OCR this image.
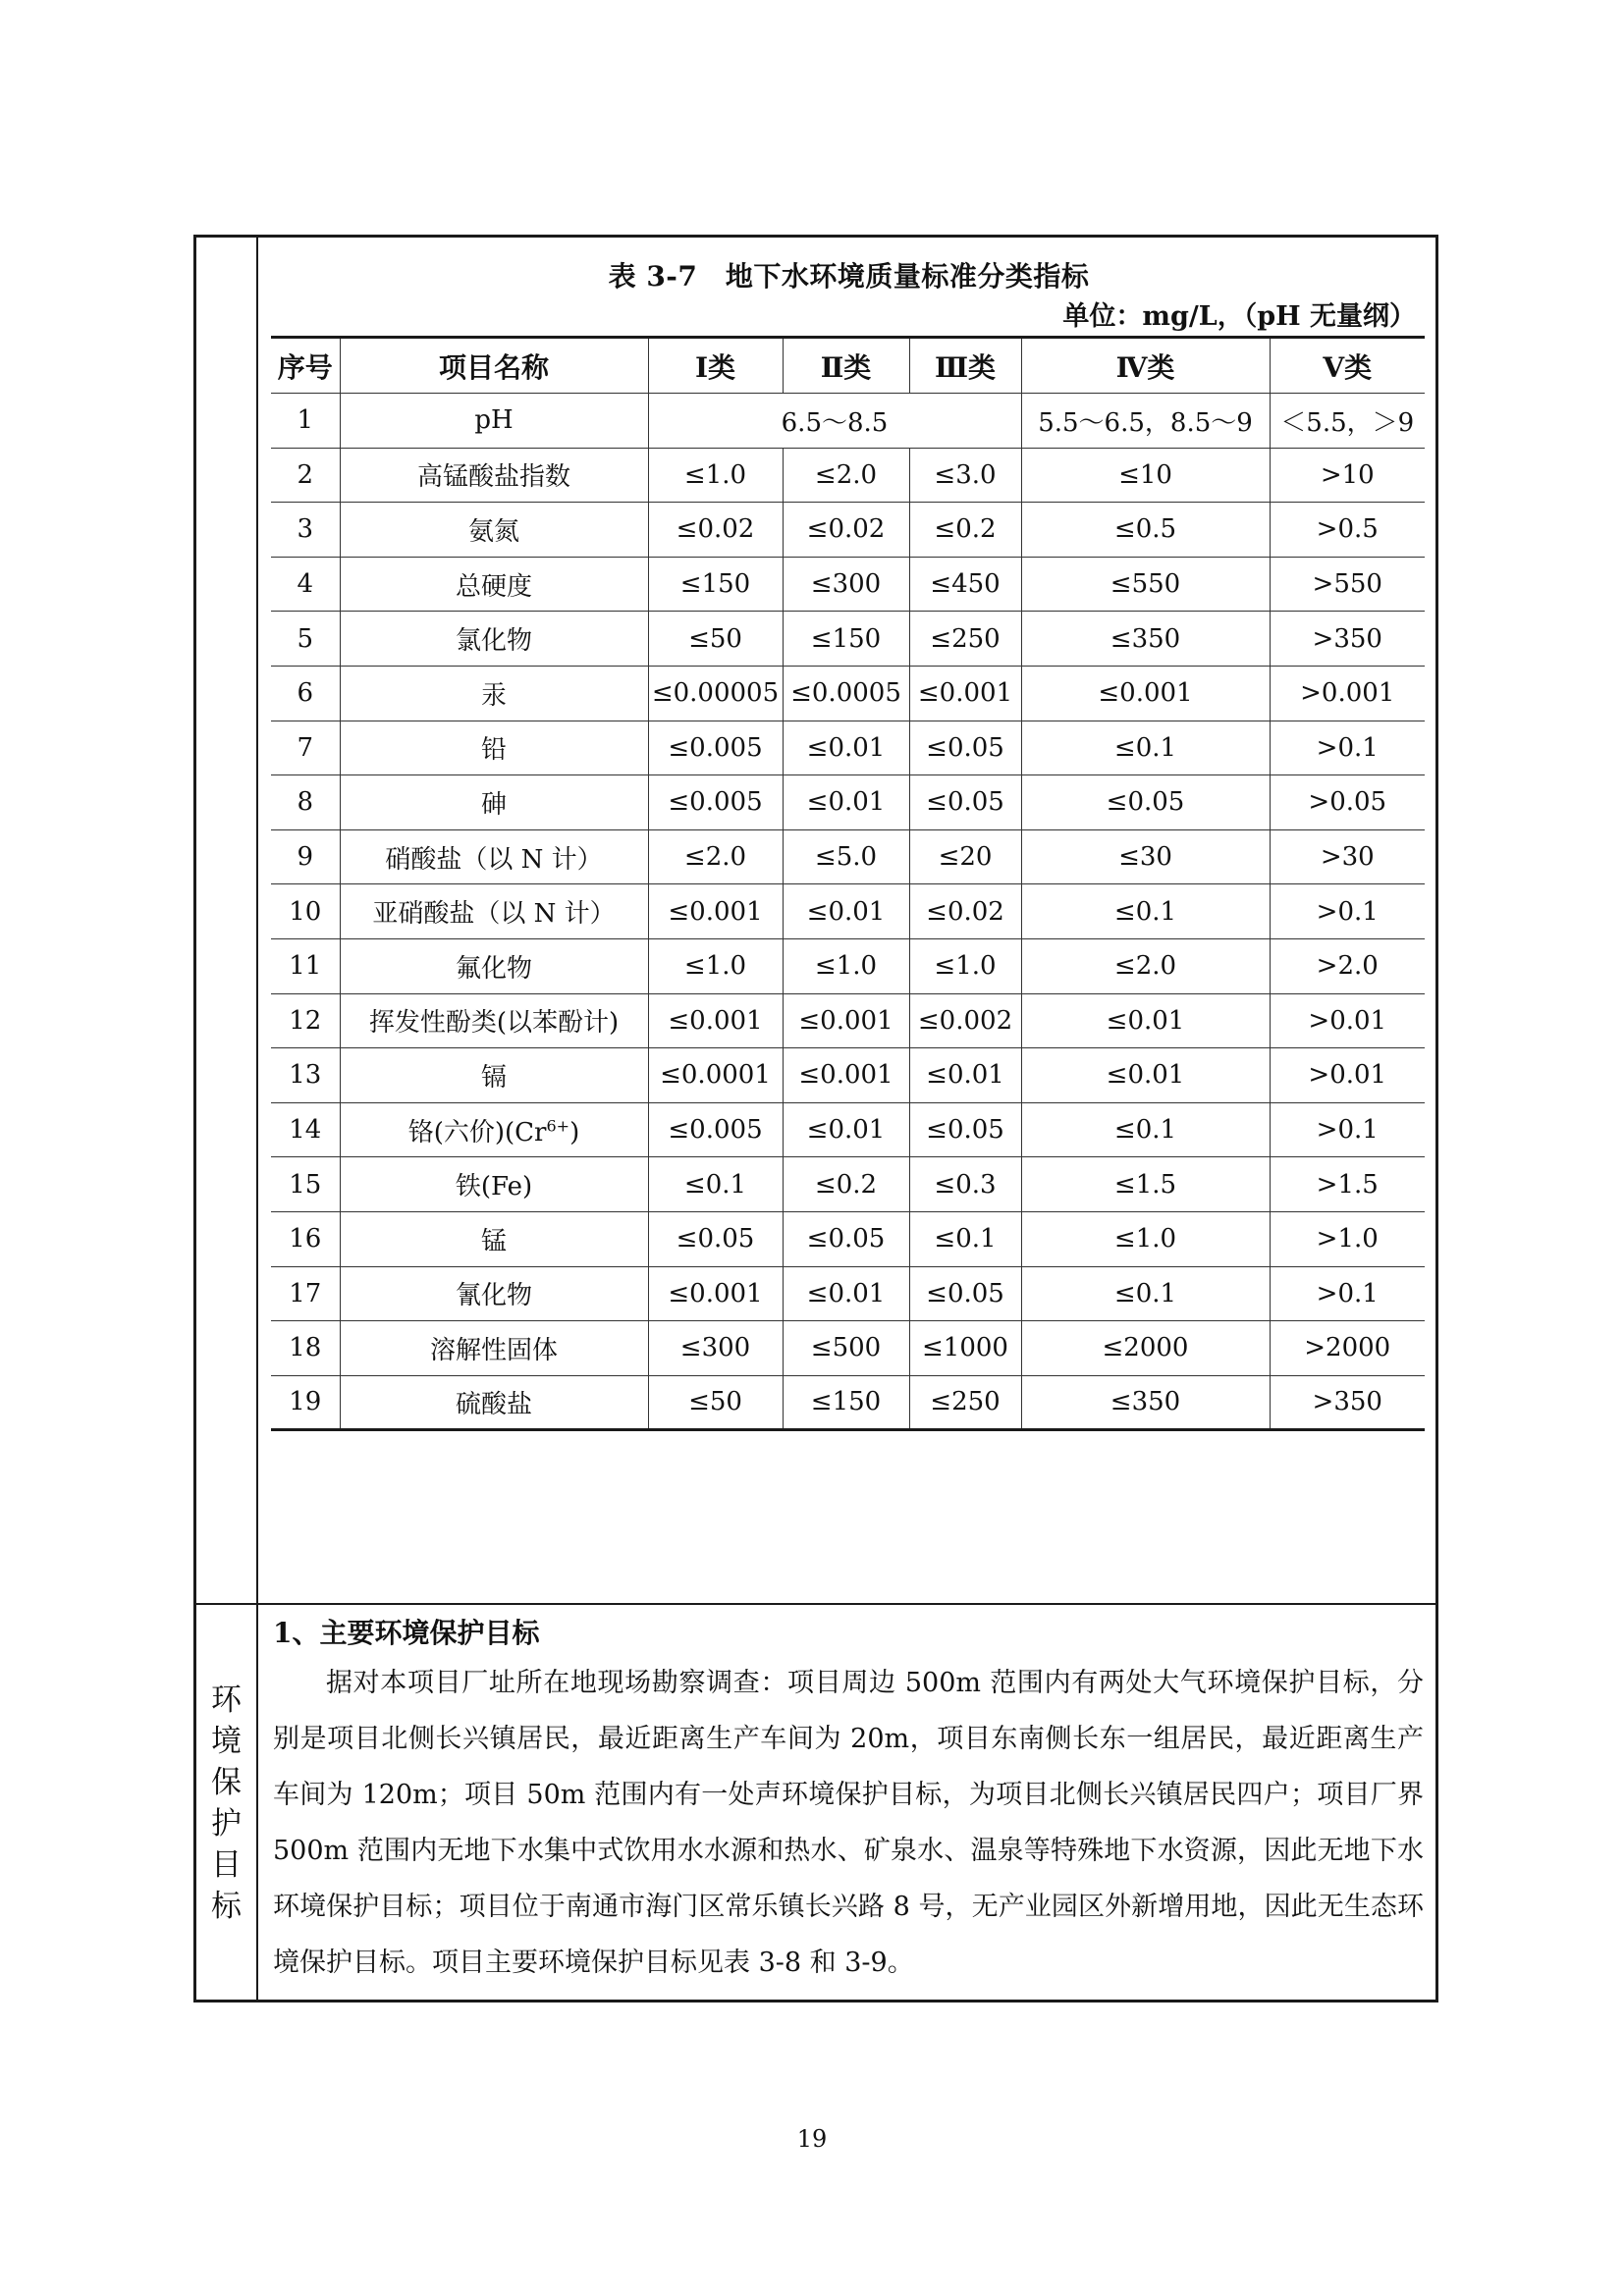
表 3-7　地下水环境质量标准分类指标
单位：mg/L，（pH 无量纲）
序号	项目名称	Ⅰ类	Ⅱ类	Ⅲ类	Ⅳ类	Ⅴ类
1	pH	6.5～8.5			5.5～6.5，8.5～9	＜5.5，＞9
2	高锰酸盐指数	≤1.0	≤2.0	≤3.0	≤10	>10
3	氨氮	≤0.02	≤0.02	≤0.2	≤0.5	>0.5
4	总硬度	≤150	≤300	≤450	≤550	>550
5	氯化物	≤50	≤150	≤250	≤350	>350
6	汞	≤0.00005	≤0.0005	≤0.001	≤0.001	>0.001
7	铅	≤0.005	≤0.01	≤0.05	≤0.1	>0.1
8	砷	≤0.005	≤0.01	≤0.05	≤0.05	>0.05
9	硝酸盐（以 N 计）	≤2.0	≤5.0	≤20	≤30	>30
10	亚硝酸盐（以 N 计）	≤0.001	≤0.01	≤0.02	≤0.1	>0.1
11	氟化物	≤1.0	≤1.0	≤1.0	≤2.0	>2.0
12	挥发性酚类(以苯酚计)	≤0.001	≤0.001	≤0.002	≤0.01	>0.01
13	镉	≤0.0001	≤0.001	≤0.01	≤0.01	>0.01
14	铬(六价)$(Cr^{6+})$	≤0.005	≤0.01	≤0.05	≤0.1	>0.1
15	铁(Fe)	≤0.1	≤0.2	≤0.3	≤1.5	>1.5
16	锰	≤0.05	≤0.05	≤0.1	≤1.0	>1.0
17	氰化物	≤0.001	≤0.01	≤0.05	≤0.1	>0.1
18	溶解性固体	≤300	≤500	≤1000	≤2000	>2000
19	硫酸盐	≤50	≤150	≤250	≤350	>350
环
境
保
护
目
标
1、主要环境保护目标
据对本项目厂址所在地现场勘察调查：项目周边 500m 范围内有两处大气环境保护目标，分别是项目北侧长兴镇居民，最近距离生产车间为 20m，项目东南侧长东一组居民，最近距离生产车间为 120m；项目 50m 范围内有一处声环境保护目标，为项目北侧长兴镇居民四户；项目厂界 500m 范围内无地下水集中式饮用水水源和热水、矿泉水、温泉等特殊地下水资源，因此无地下水环境保护目标；项目位于南通市海门区常乐镇长兴路 8 号，无产业园区外新增用地，因此无生态环境保护目标。项目主要环境保护目标见表 3-8 和 3-9。
19
